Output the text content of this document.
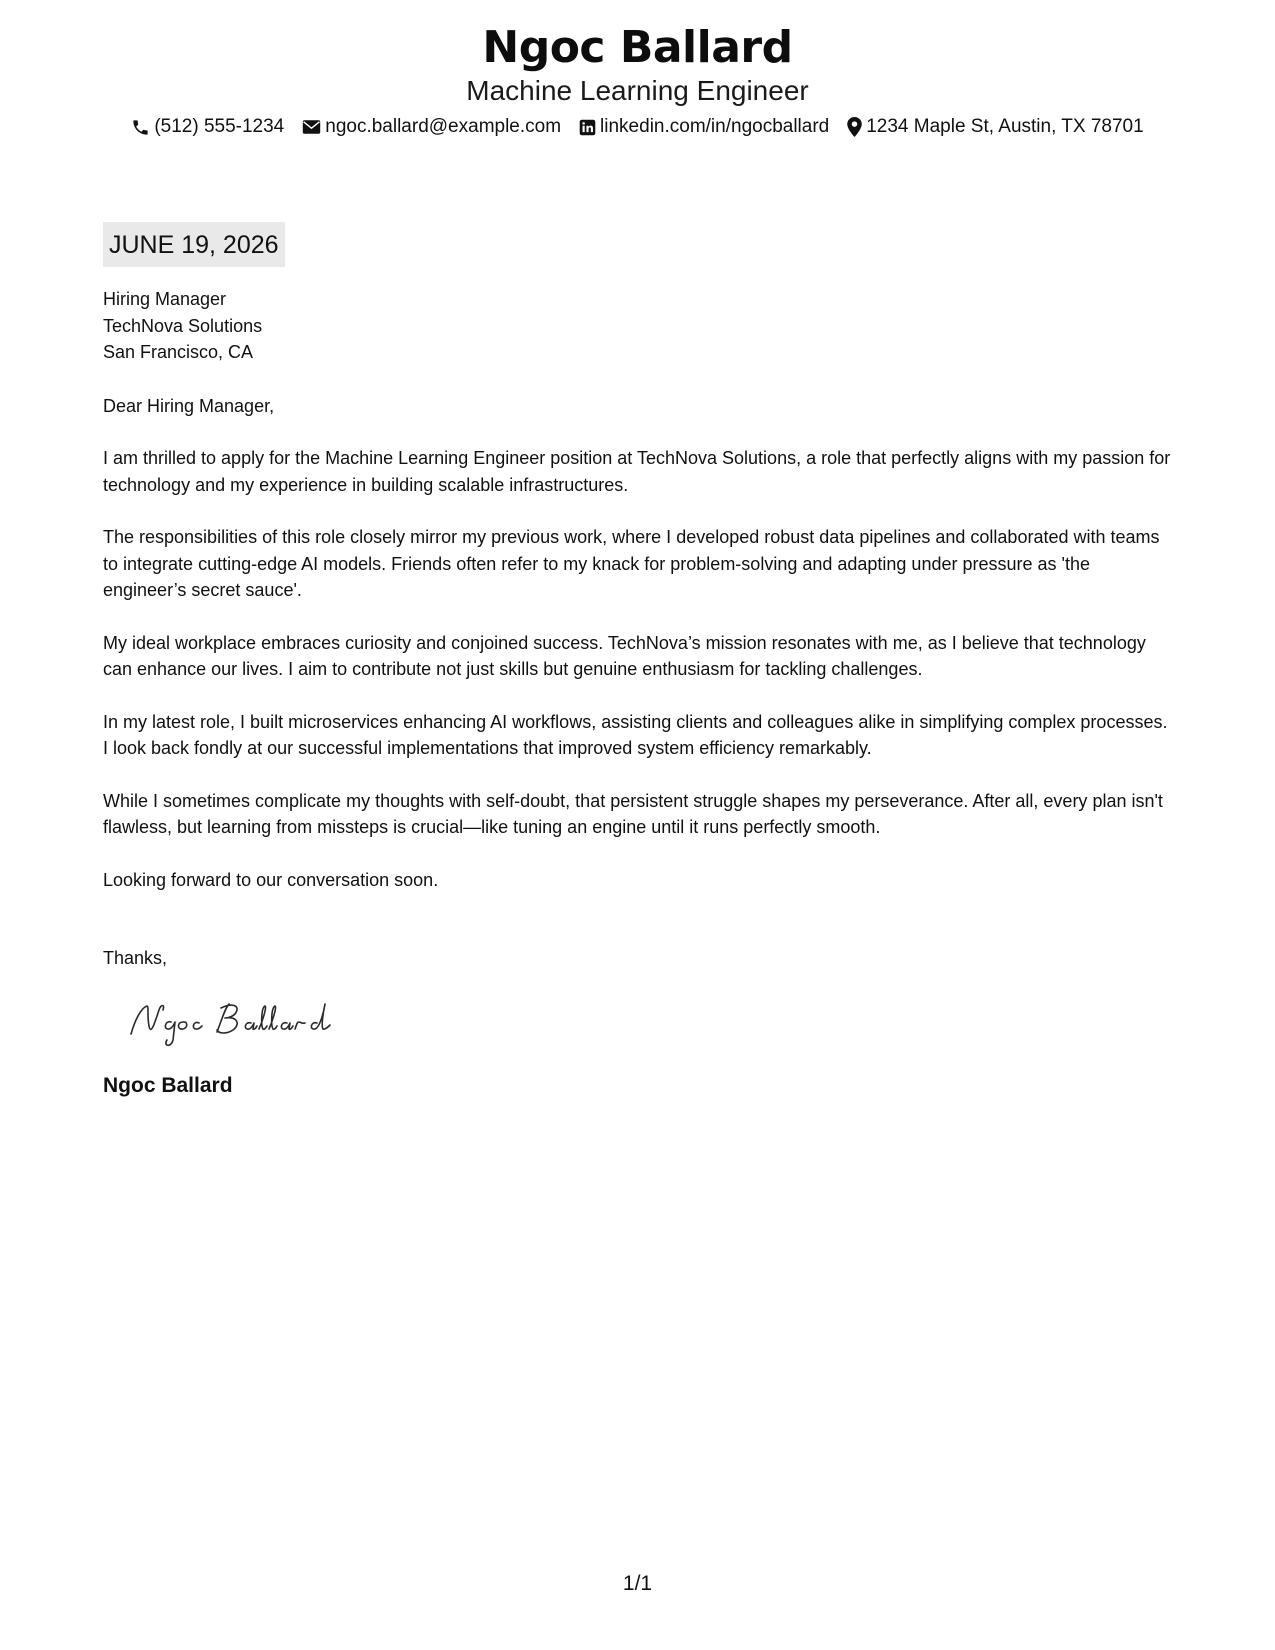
Ngoc Ballard
Machine Learning Engineer
(512) 555-1234 ngoc.ballard@example.com linkedin.com/in/ngocballard 1234 Maple St, Austin, TX 78701
JUNE 19, 2026
Hiring Manager
TechNova Solutions
San Francisco, CA
Dear Hiring Manager,

I am thrilled to apply for the Machine Learning Engineer position at TechNova Solutions, a role that perfectly aligns with my passion for technology and my experience in building scalable infrastructures.

The responsibilities of this role closely mirror my previous work, where I developed robust data pipelines and collaborated with teams to integrate cutting-edge AI models. Friends often refer to my knack for problem-solving and adapting under pressure as 'the engineer’s secret sauce'.

My ideal workplace embraces curiosity and conjoined success. TechNova’s mission resonates with me, as I believe that technology can enhance our lives. I aim to contribute not just skills but genuine enthusiasm for tackling challenges.

In my latest role, I built microservices enhancing AI workflows, assisting clients and colleagues alike in simplifying complex processes. I look back fondly at our successful implementations that improved system efficiency remarkably.

While I sometimes complicate my thoughts with self-doubt, that persistent struggle shapes my perseverance. After all, every plan isn't flawless, but learning from missteps is crucial—like tuning an engine until it runs perfectly smooth.

Looking forward to our conversation soon.
Thanks,
Ngoc Ballard
1/1
